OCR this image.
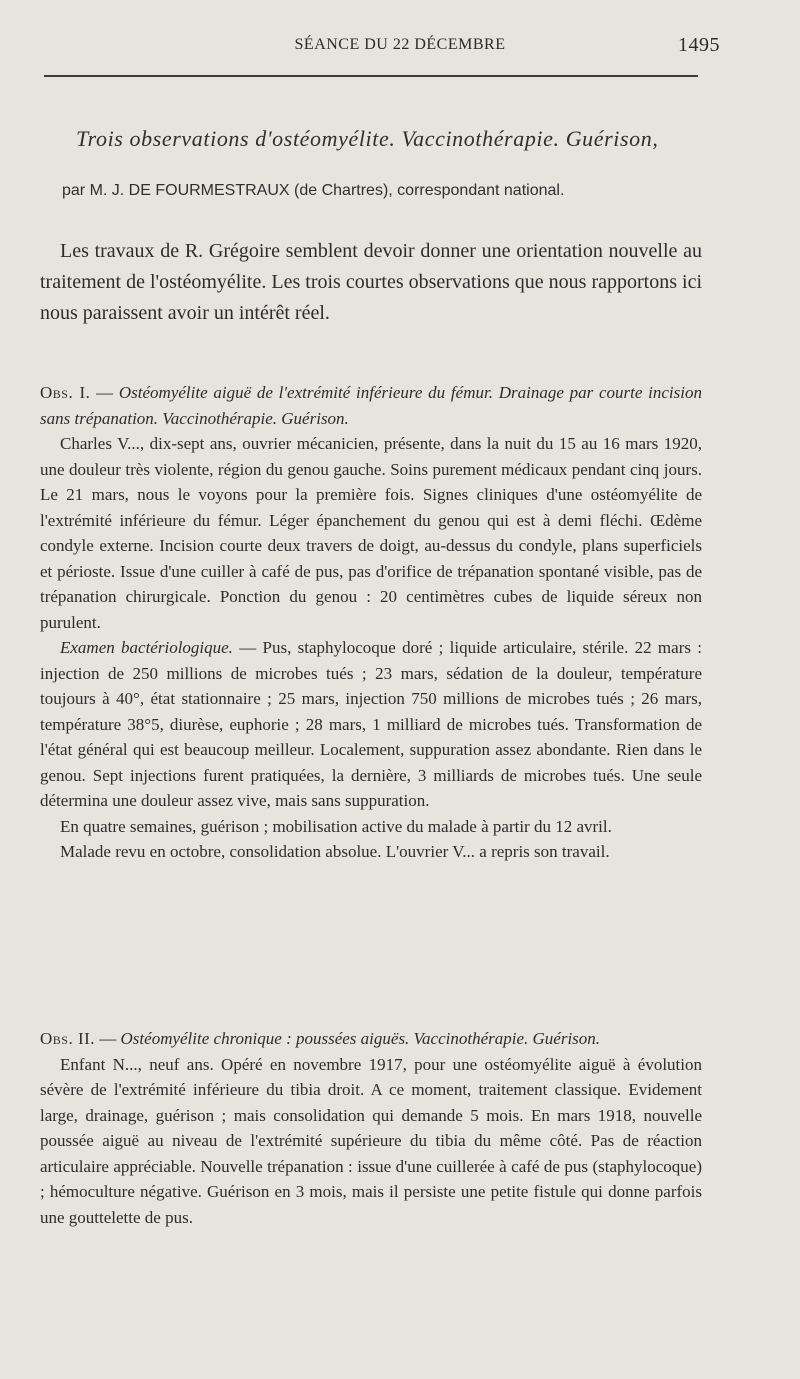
SÉANCE DU 22 DÉCEMBRE	1495
Trois observations d'ostéomyélite. Vaccinothérapie. Guérison,
par M. J. DE FOURMESTRAUX (de Chartres), correspondant national.
Les travaux de R. Grégoire semblent devoir donner une orientation nouvelle au traitement de l'ostéomyélite. Les trois courtes observations que nous rapportons ici nous paraissent avoir un intérêt réel.

Obs. I. — Ostéomyélite aiguë de l'extrémité inférieure du fémur. Drainage par courte incision sans trépanation. Vaccinothérapie. Guérison.

Charles V..., dix-sept ans, ouvrier mécanicien, présente, dans la nuit du 15 au 16 mars 1920, une douleur très violente, région du genou gauche. Soins purement médicaux pendant cinq jours. Le 21 mars, nous le voyons pour la première fois. Signes cliniques d'une ostéomyélite de l'extrémité inférieure du fémur. Léger épanchement du genou qui est à demi fléchi. Œdème condyle externe. Incision courte deux travers de doigt, au-dessus du condyle, plans superficiels et périoste. Issue d'une cuiller à café de pus, pas d'orifice de trépanation spontané visible, pas de trépanation chirurgicale. Ponction du genou : 20 centimètres cubes de liquide séreux non purulent.

Examen bactériologique. — Pus, staphylocoque doré ; liquide articulaire, stérile. 22 mars : injection de 250 millions de microbes tués ; 23 mars, sédation de la douleur, température toujours à 40°, état stationnaire ; 25 mars, injection 750 millions de microbes tués ; 26 mars, température 38°5, diurèse, euphorie ; 28 mars, 1 milliard de microbes tués. Transformation de l'état général qui est beaucoup meilleur. Localement, suppuration assez abondante. Rien dans le genou. Sept injections furent pratiquées, la dernière, 3 milliards de microbes tués. Une seule détermina une douleur assez vive, mais sans suppuration.

En quatre semaines, guérison ; mobilisation active du malade à partir du 12 avril.

Malade revu en octobre, consolidation absolue. L'ouvrier V... a repris son travail.

Obs. II. — Ostéomyélite chronique : poussées aiguës. Vaccinothérapie. Guérison.

Enfant N..., neuf ans. Opéré en novembre 1917, pour une ostéomyélite aiguë à évolution sévère de l'extrémité inférieure du tibia droit. A ce moment, traitement classique. Evidement large, drainage, guérison ; mais consolidation qui demande 5 mois. En mars 1918, nouvelle poussée aiguë au niveau de l'extrémité supérieure du tibia du même côté. Pas de réaction articulaire appréciable. Nouvelle trépanation : issue d'une cuillerée à café de pus (staphylocoque) ; hémoculture négative. Guérison en 3 mois, mais il persiste une petite fistule qui donne parfois une gouttelette de pus.
